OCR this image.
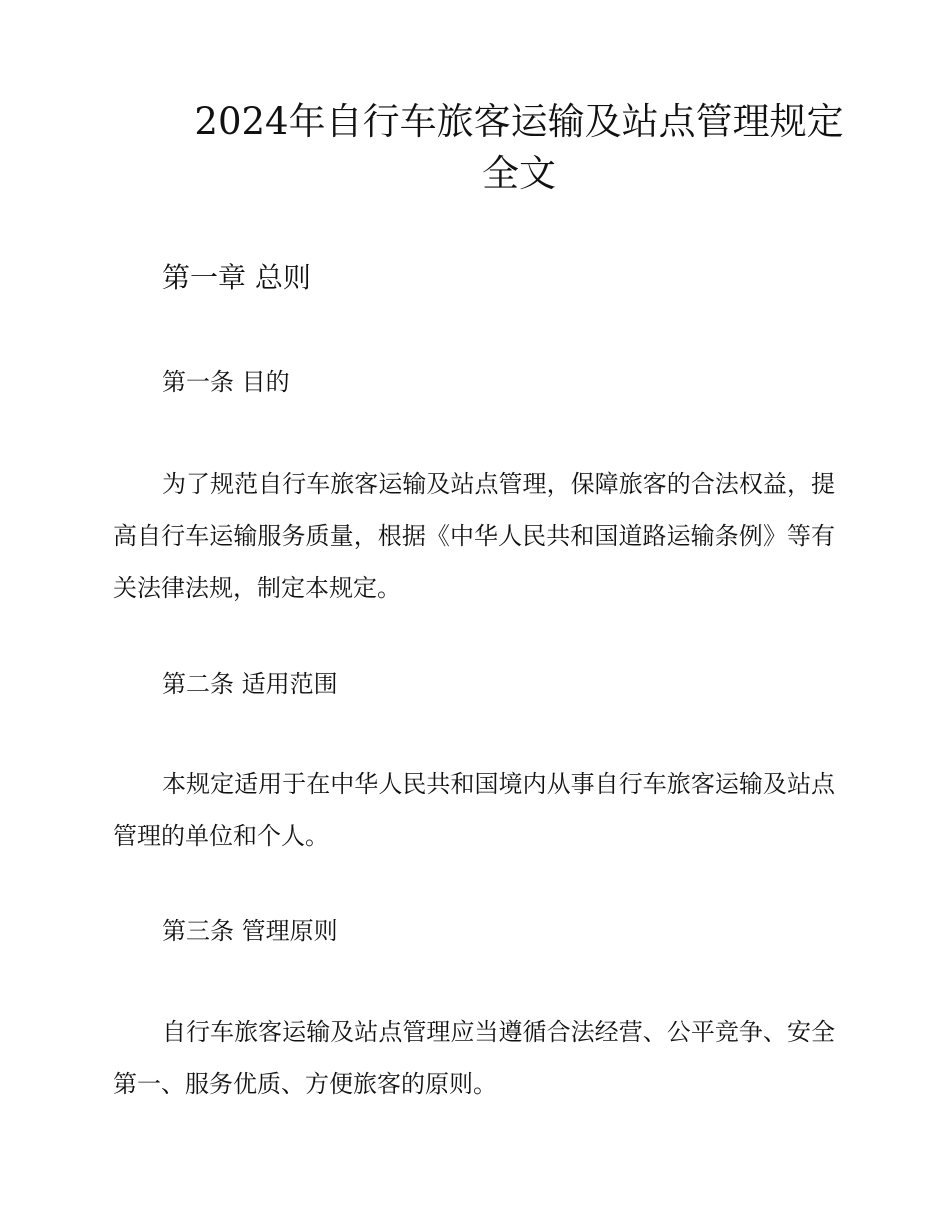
2024年自行车旅客运输及站点管理规定
全文
第一章 总则
第一条 目的

为了规范自行车旅客运输及站点管理，保障旅客的合法权益，提高自行车运输服务质量，根据《中华人民共和国道路运输条例》等有关法律法规，制定本规定。

第二条 适用范围

本规定适用于在中华人民共和国境内从事自行车旅客运输及站点管理的单位和个人。

第三条 管理原则

自行车旅客运输及站点管理应当遵循合法经营、公平竞争、安全第一、服务优质、方便旅客的原则。
